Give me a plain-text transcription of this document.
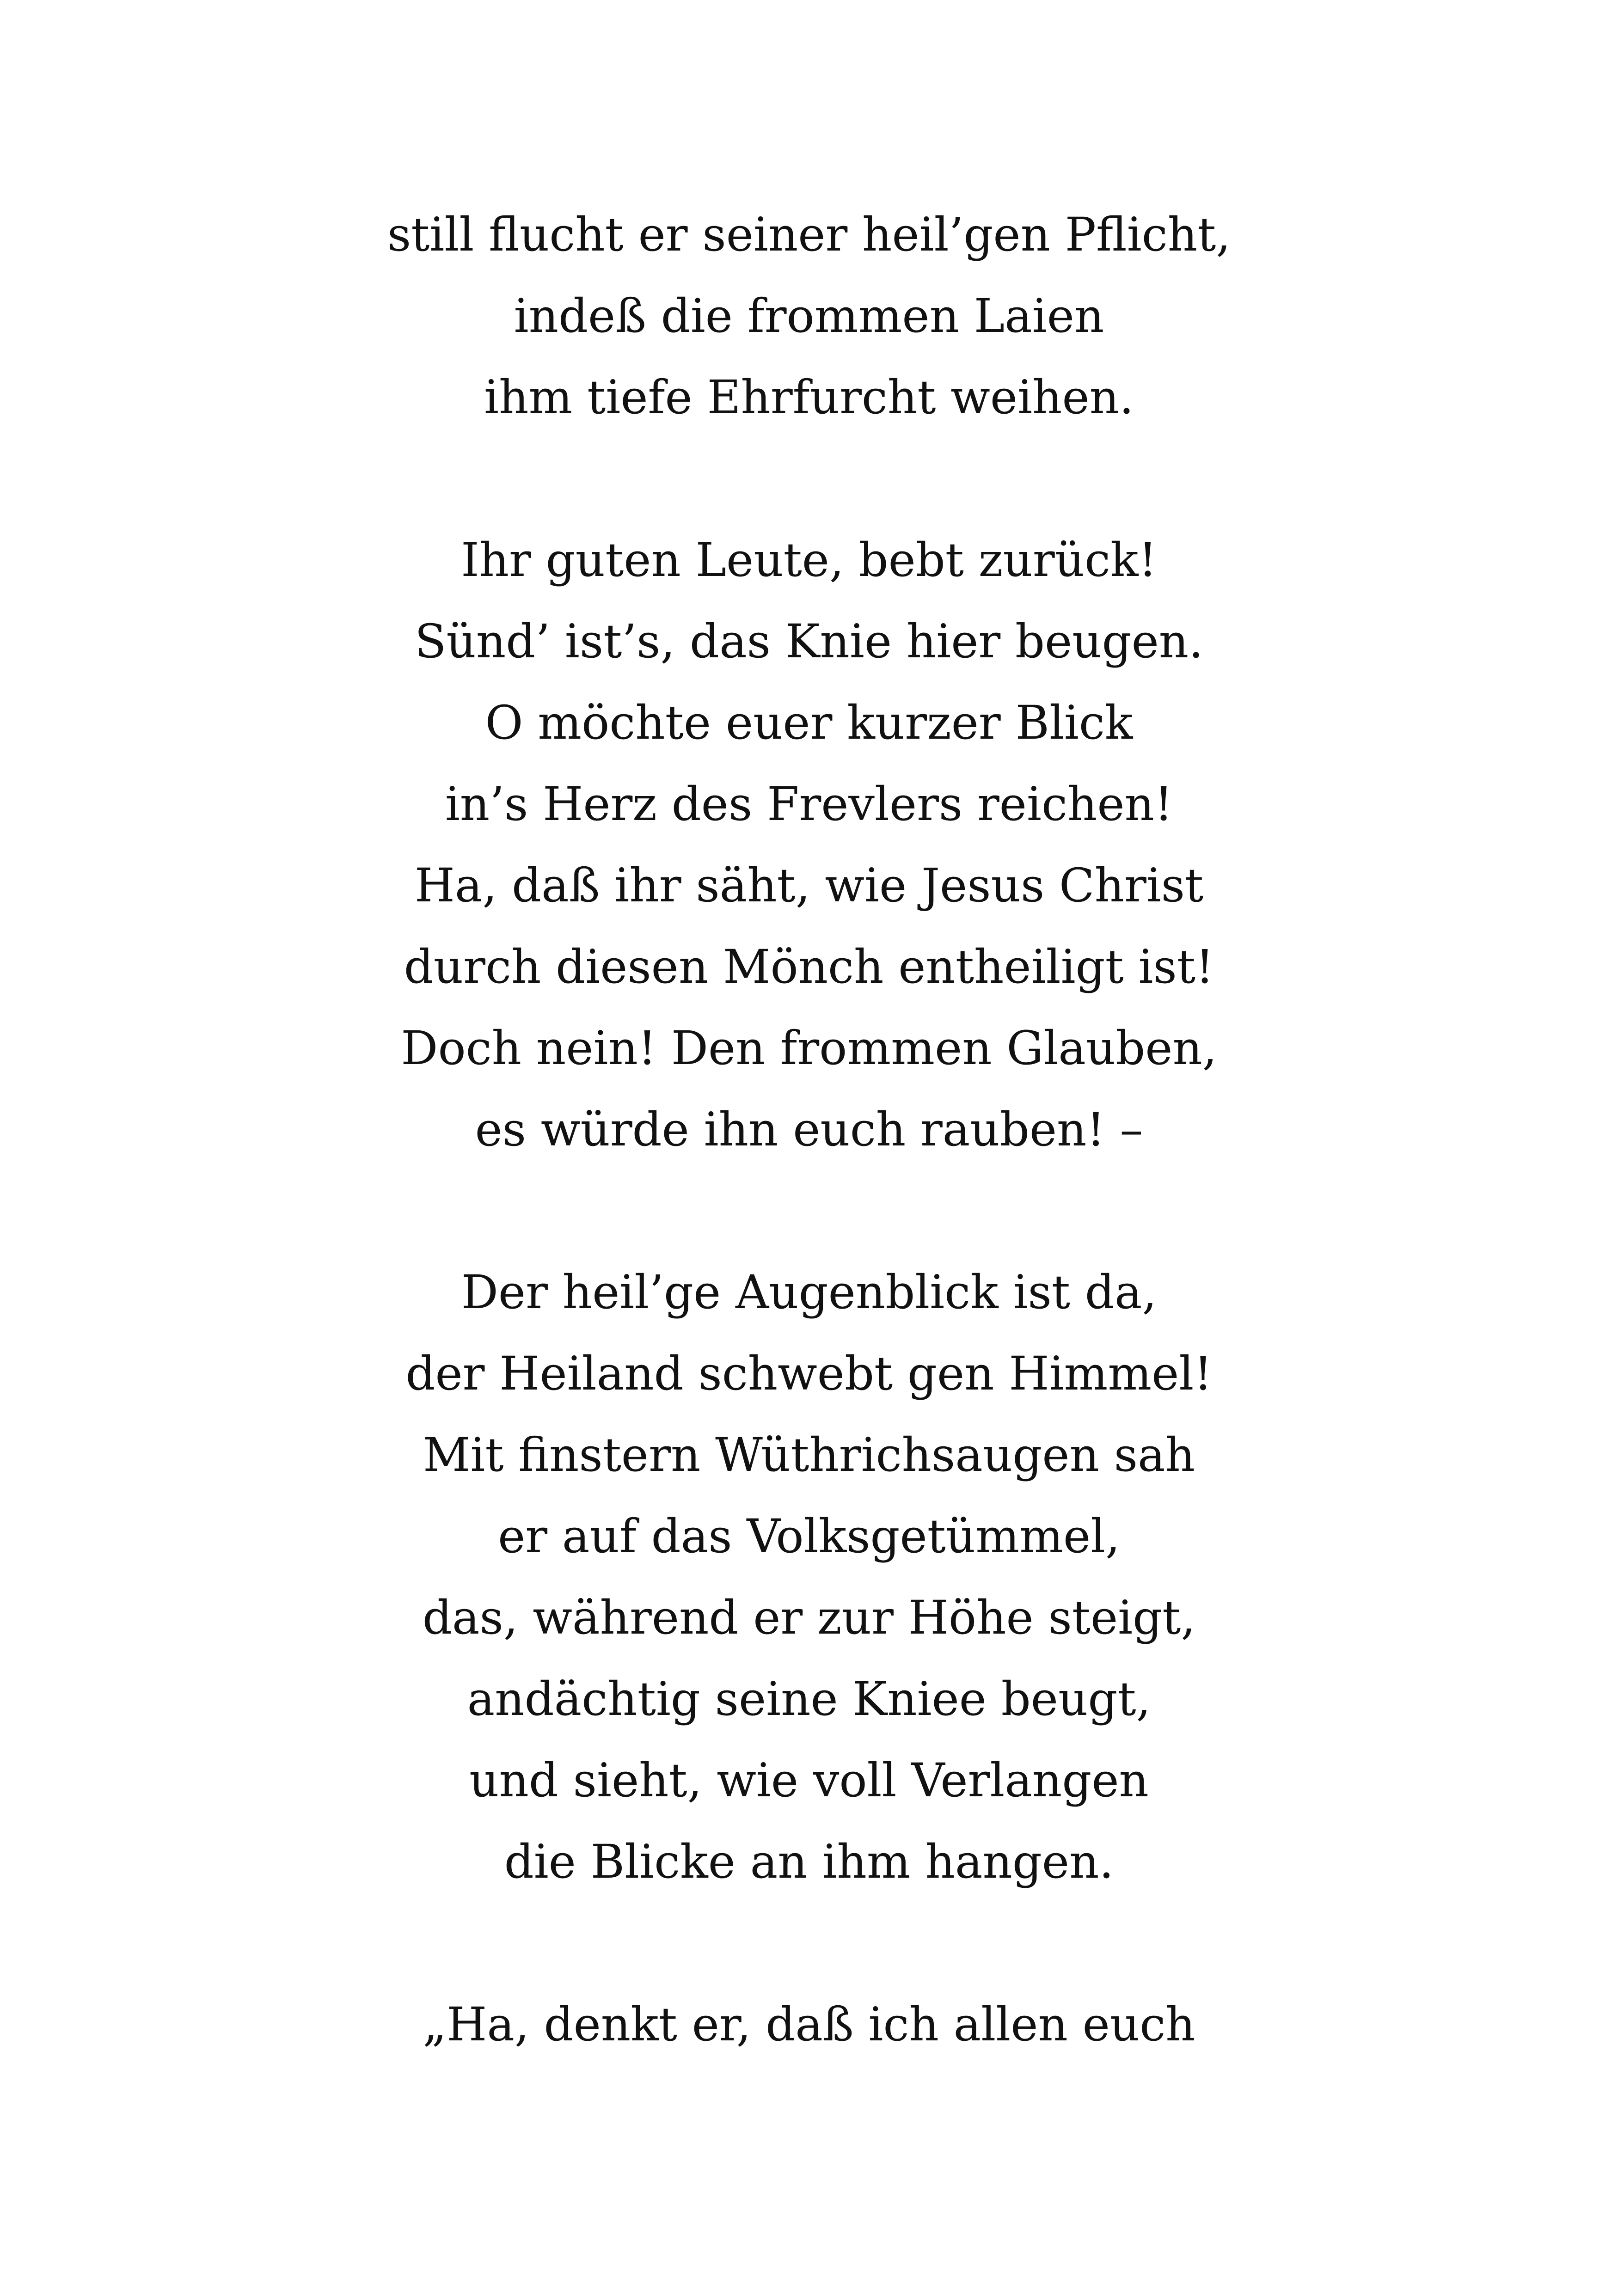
still flucht er seiner heil’gen Pflicht,
indeß die frommen Laien
ihm tiefe Ehrfurcht weihen.
Ihr guten Leute, bebt zurück!
Sünd’ ist’s, das Knie hier beugen.
O möchte euer kurzer Blick
in’s Herz des Frevlers reichen!
Ha, daß ihr säht, wie Jesus Christ
durch diesen Mönch entheiligt ist!
Doch nein! Den frommen Glauben,
es würde ihn euch rauben! –
Der heil’ge Augenblick ist da,
der Heiland schwebt gen Himmel!
Mit finstern Wüthrichsaugen sah
er auf das Volksgetümmel,
das, während er zur Höhe steigt,
andächtig seine Kniee beugt,
und sieht, wie voll Verlangen
die Blicke an ihm hangen.
„Ha, denkt er, daß ich allen euch
